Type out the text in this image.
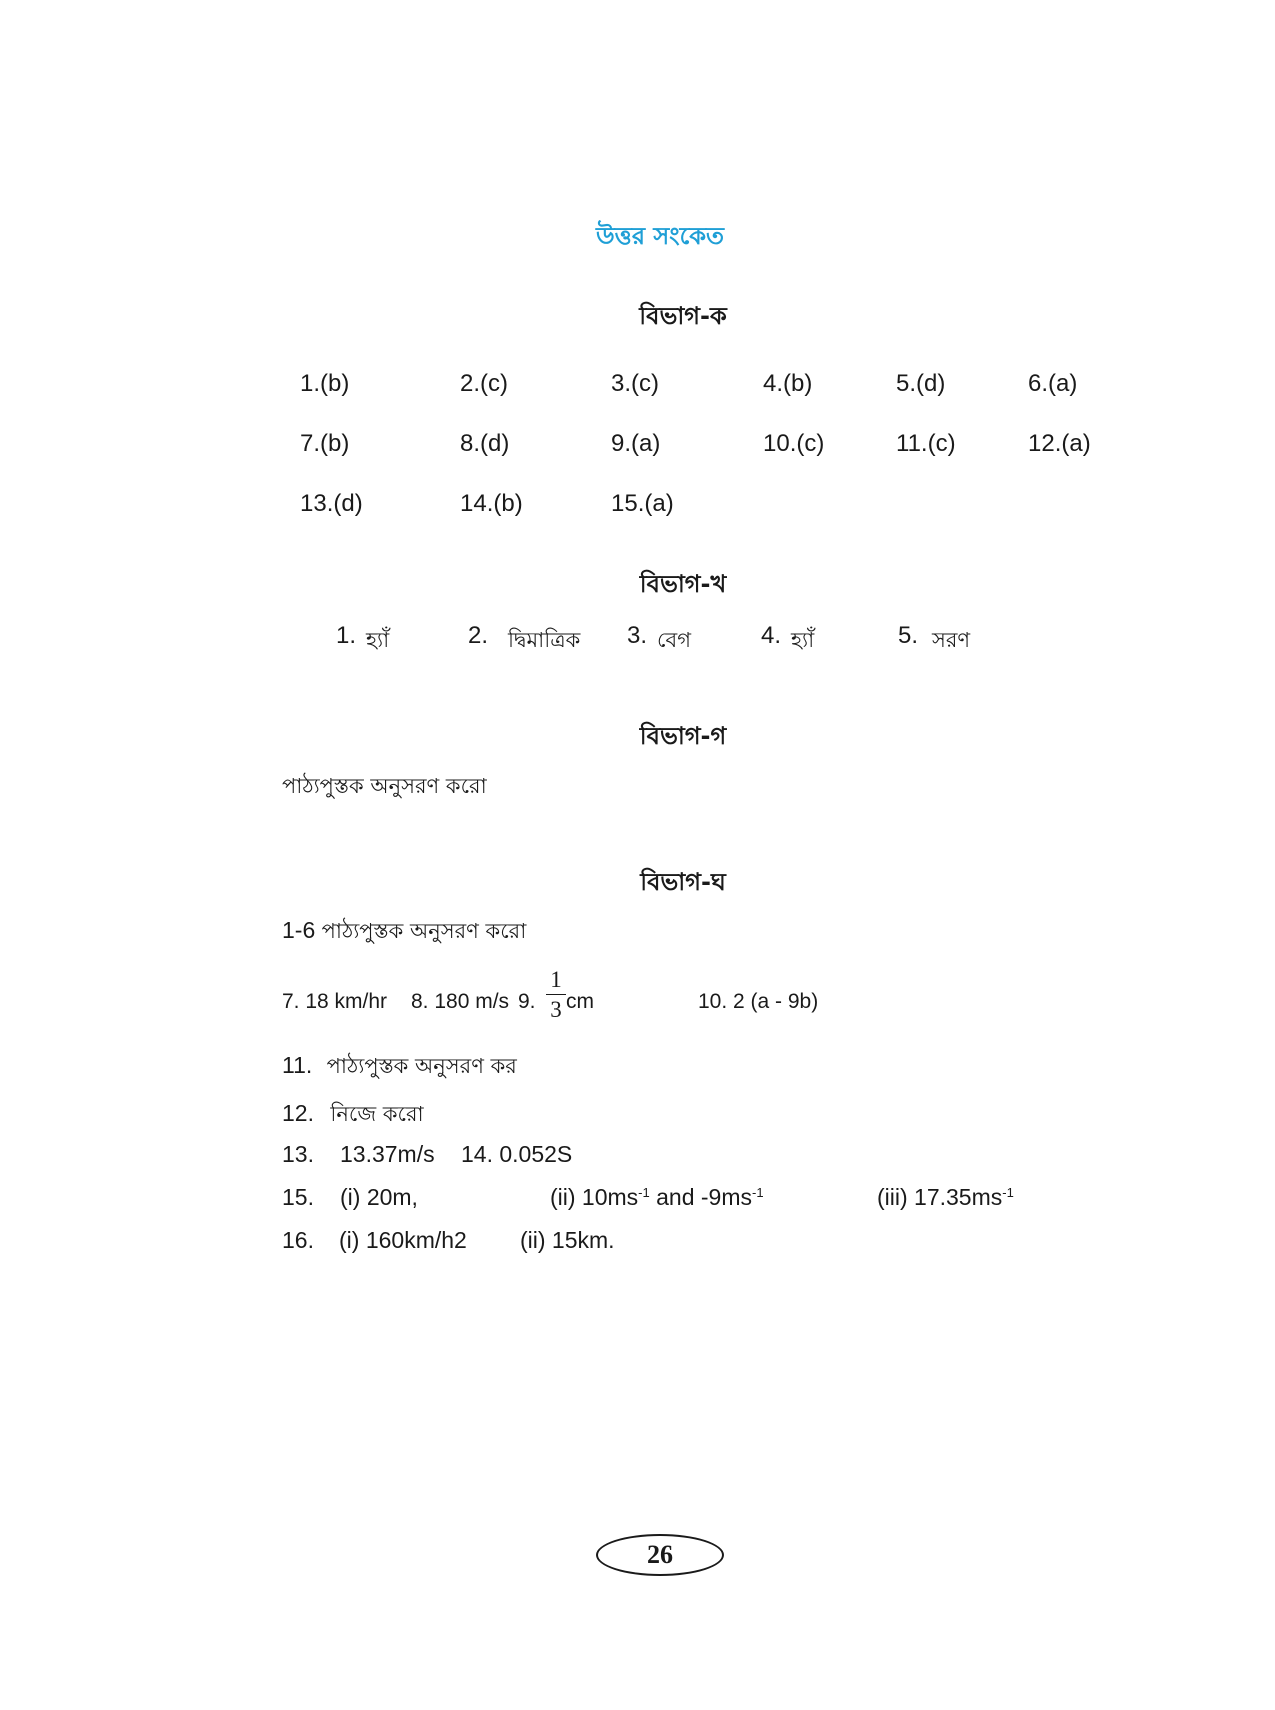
উত্তর সংকেত
বিভাগ-ক
1.(b)	2.(c)	3.(c)	4.(b)	5.(d)	6.(a)
7.(b)	8.(d)	9.(a)	10.(c)	11.(c)	12.(a)
13.(d)	14.(b)	15.(a)
বিভাগ-খ
1. হ্যাঁ	2. দ্বিমাত্রিক 3. বেগ	4. হ্যাঁ	5. সরণ
বিভাগ-গ
পাঠ্যপুস্তক অনুসরণ করো
বিভাগ-ঘ
1-6 পাঠ্যপুস্তক অনুসরণ করো
7. 18 km/hr 8. 180 m/s 9.
1
3 cm	10. 2 (a - 9b)
11. পাঠ্যপুস্তক অনুসরণ কর
12. নিজে করো
13. 13.37m/s 14. 0.052S
15. (i) 20m,	(ii) $10ms^{-1}$ and $-9ms^{-1}$	(iii) $17.35ms^{-1}$
16. (i) 160km/h2 (ii) 15km.
26
